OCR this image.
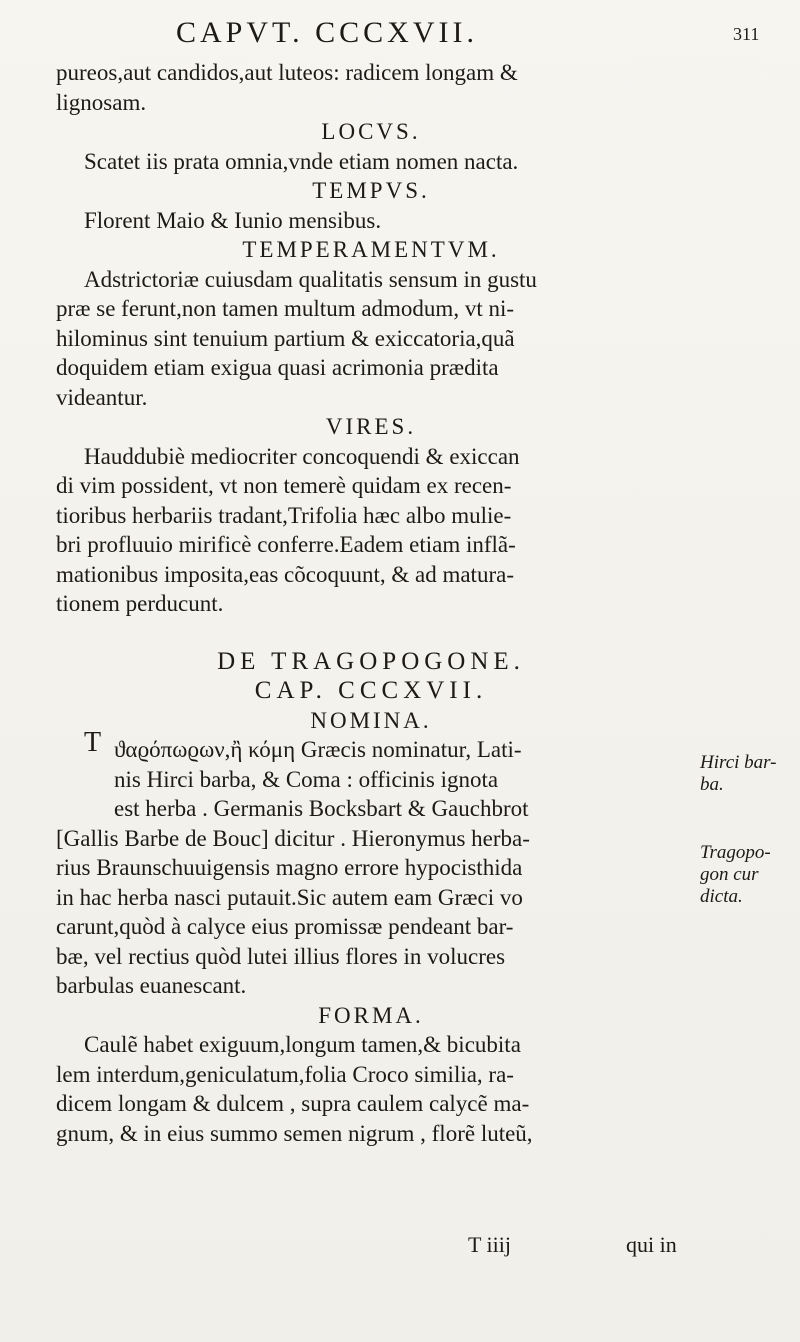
CAPVT. CCCXVII.	311
pureos,aut candidos,aut luteos: radicem longam &
lignosam.
LOCVS.
Scatet iis prata omnia,vnde etiam nomen nacta.
TEMPVS.
Florent Maio & Iunio mensibus.
TEMPERAMENTVM.
Adstrictoriæ cuiusdam qualitatis sensum in gustu
præ se ferunt,non tamen multum admodum, vt ni-
hilominus sint tenuium partium & exiccatoria,quã
doquidem etiam exigua quasi acrimonia prædita
videantur.
VIRES.
Hauddubiè mediocriter concoquendi & exiccan
di vim possident, vt non temerè quidam ex recen-
tioribus herbariis tradant,Trifolia hæc albo mulie-
bri profluuio mirificè conferre.Eadem etiam inflã-
mationibus imposita,eas cõcoquunt, & ad matura-
tionem perducunt.
DE TRAGOPOGONE.
CAP. CCCXVII.
NOMINA.
ϑαϱόπωϱων,ἢ κόμη Græcis nominatur, Lati-
nis Hirci barba, & Coma : officinis ignota
est herba . Germanis Bocksbart & Gauchbrot
[Gallis Barbe de Bouc] dicitur . Hieronymus herba-
rius Braunschuuigensis magno errore hypocisthida
in hac herba nasci putauit.Sic autem eam Græci vo
carunt,quòd à calyce eius promissæ pendeant bar-
bæ, vel rectius quòd lutei illius flores in volucres
barbulas euanescant.
FORMA.
Caulẽ habet exiguum,longum tamen,& bicubita
lem interdum,geniculatum,folia Croco similia, ra-
dicem longam & dulcem , supra caulem calycẽ ma-
gnum, & in eius summo semen nigrum , florẽ luteũ,
T
Hirci bar-
ba.
Tragopo-
gon cur
dicta.
T iiij	qui in
